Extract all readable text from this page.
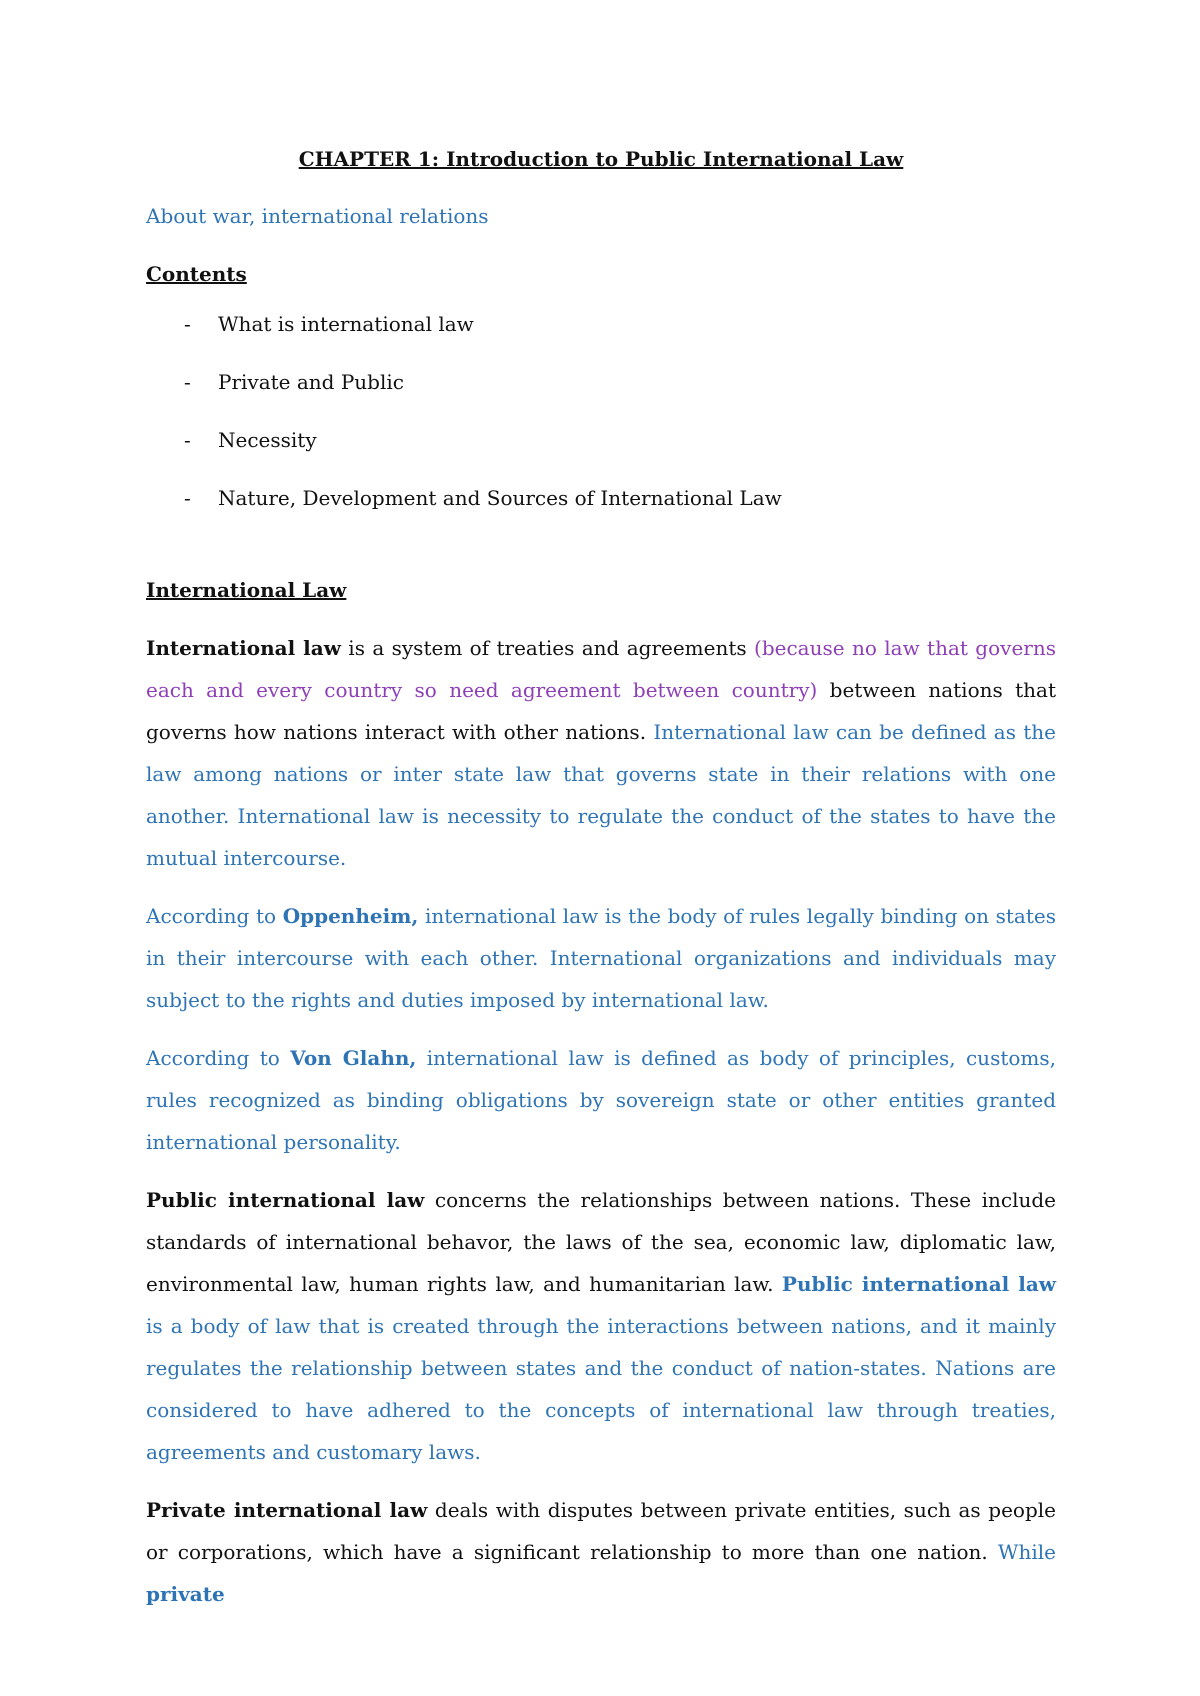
CHAPTER 1: Introduction to Public International Law
About war, international relations
Contents
- What is international law
- Private and Public
- Necessity
- Nature, Development and Sources of International Law
International Law

International law is a system of treaties and agreements (because no law that governs each and every country so need agreement between country) between nations that governs how nations interact with other nations. International law can be defined as the law among nations or inter state law that governs state in their relations with one another. International law is necessity to regulate the conduct of the states to have the mutual intercourse.

According to Oppenheim, international law is the body of rules legally binding on states in their intercourse with each other. International organizations and individuals may subject to the rights and duties imposed by international law.

According to Von Glahn, international law is defined as body of principles, customs, rules recognized as binding obligations by sovereign state or other entities granted international personality.

Public international law concerns the relationships between nations. These include standards of international behavor, the laws of the sea, economic law, diplomatic law, environmental law, human rights law, and humanitarian law. Public international law is a body of law that is created through the interactions between nations, and it mainly regulates the relationship between states and the conduct of nation-states. Nations are considered to have adhered to the concepts of international law through treaties, agreements and customary laws.

Private international law deals with disputes between private entities, such as people or corporations, which have a significant relationship to more than one nation. While private
